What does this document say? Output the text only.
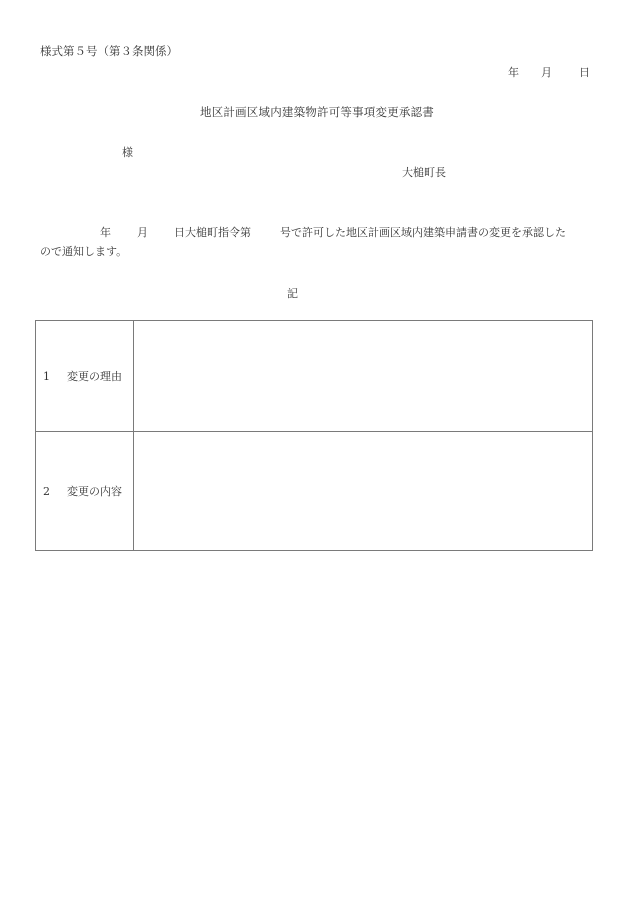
様式第５号（第３条関係）
年 月 日
地区計画区域内建築物許可等事項変更承認書
様
大槌町長
年 月 日大槌町指令第	号で許可した地区計画区域内建築申請書の変更を承認した
ので通知します。
記
1 変更の理由	
2 変更の内容	
